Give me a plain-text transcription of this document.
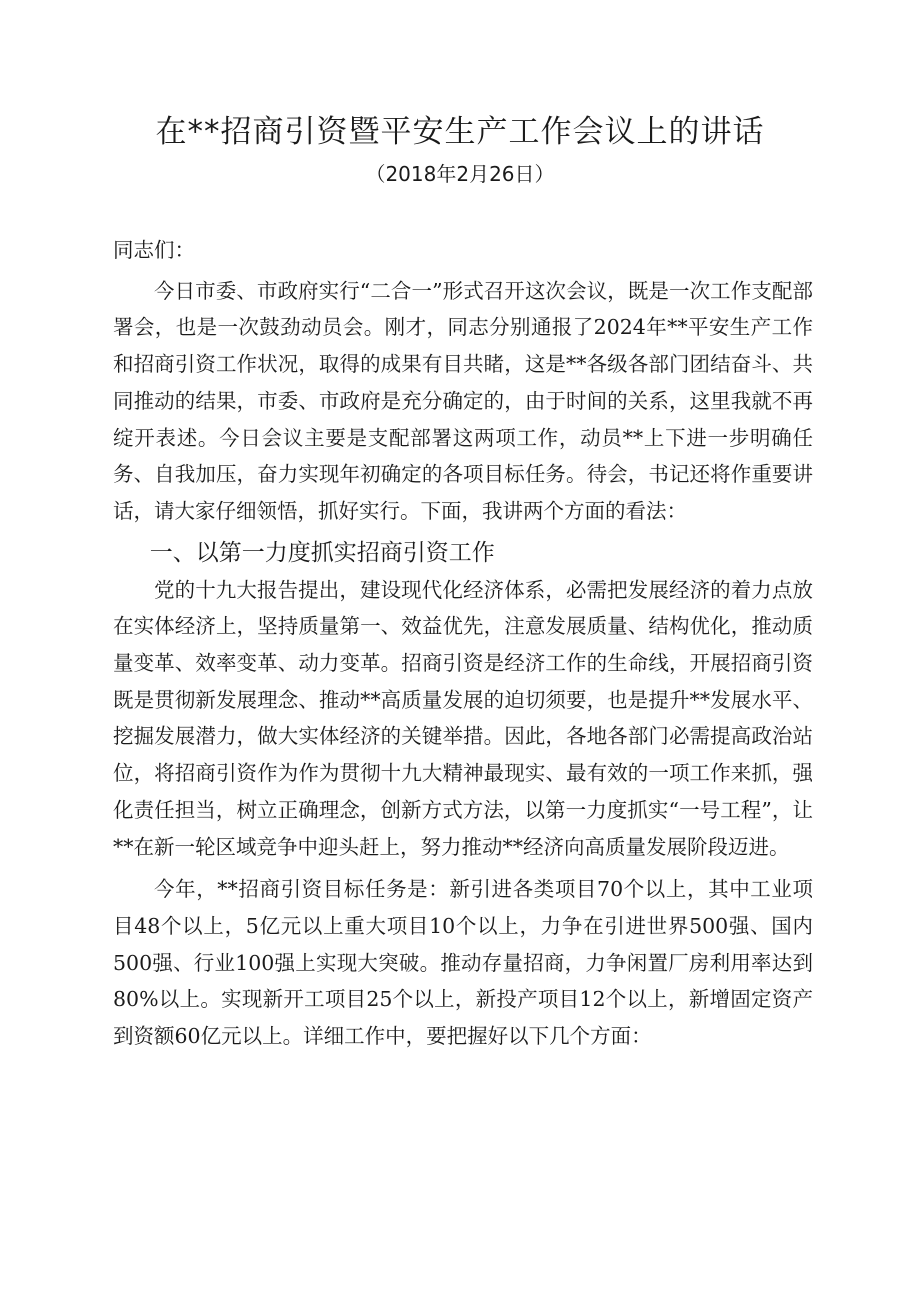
在**招商引资暨平安生产工作会议上的讲话

（2018年2月26日）

同志们：

今日市委、市政府实行“二合一”形式召开这次会议，既是一次工作支配部署会，也是一次鼓劲动员会。刚才，同志分别通报了2024年**平安生产工作和招商引资工作状况，取得的成果有目共睹，这是**各级各部门团结奋斗、共同推动的结果，市委、市政府是充分确定的，由于时间的关系，这里我就不再绽开表述。今日会议主要是支配部署这两项工作，动员**上下进一步明确任务、自我加压，奋力实现年初确定的各项目标任务。待会，书记还将作重要讲话，请大家仔细领悟，抓好实行。下面，我讲两个方面的看法：

一、以第一力度抓实招商引资工作

党的十九大报告提出，建设现代化经济体系，必需把发展经济的着力点放在实体经济上，坚持质量第一、效益优先，注意发展质量、结构优化，推动质量变革、效率变革、动力变革。招商引资是经济工作的生命线，开展招商引资既是贯彻新发展理念、推动**高质量发展的迫切须要，也是提升**发展水平、挖掘发展潜力，做大实体经济的关键举措。因此，各地各部门必需提高政治站位，将招商引资作为作为贯彻十九大精神最现实、最有效的一项工作来抓，强化责任担当，树立正确理念，创新方式方法，以第一力度抓实“一号工程”，让**在新一轮区域竞争中迎头赶上，努力推动**经济向高质量发展阶段迈进。

今年，**招商引资目标任务是：新引进各类项目70个以上，其中工业项目48个以上，5亿元以上重大项目10个以上，力争在引进世界500强、国内500强、行业100强上实现大突破。推动存量招商，力争闲置厂房利用率达到80%以上。实现新开工项目25个以上，新投产项目12个以上，新增固定资产到资额60亿元以上。详细工作中，要把握好以下几个方面：
